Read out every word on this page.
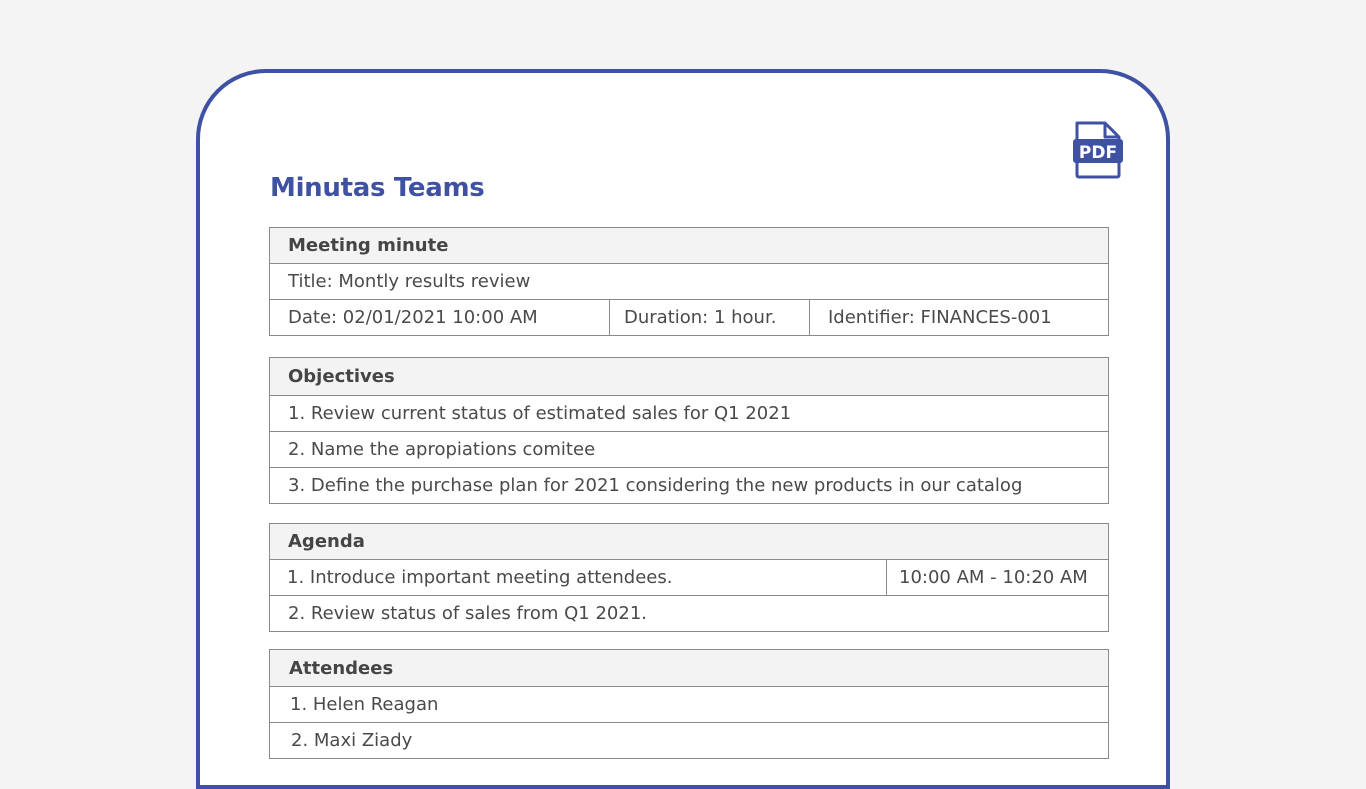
PDF
Minutas Teams
Meeting minute
Title: Montly results review
Date: 02/01/2021 10:00 AM	Duration: 1 hour.	Identifier: FINANCES-001
Objectives
1. Review current status of estimated sales for Q1 2021
2. Name the apropiations comitee
3. Define the purchase plan for 2021 considering the new products in our catalog
Agenda
1. Introduce important meeting attendees.	10:00 AM - 10:20 AM
2. Review status of sales from Q1 2021.
Attendees
1. Helen Reagan
2. Maxi Ziady
